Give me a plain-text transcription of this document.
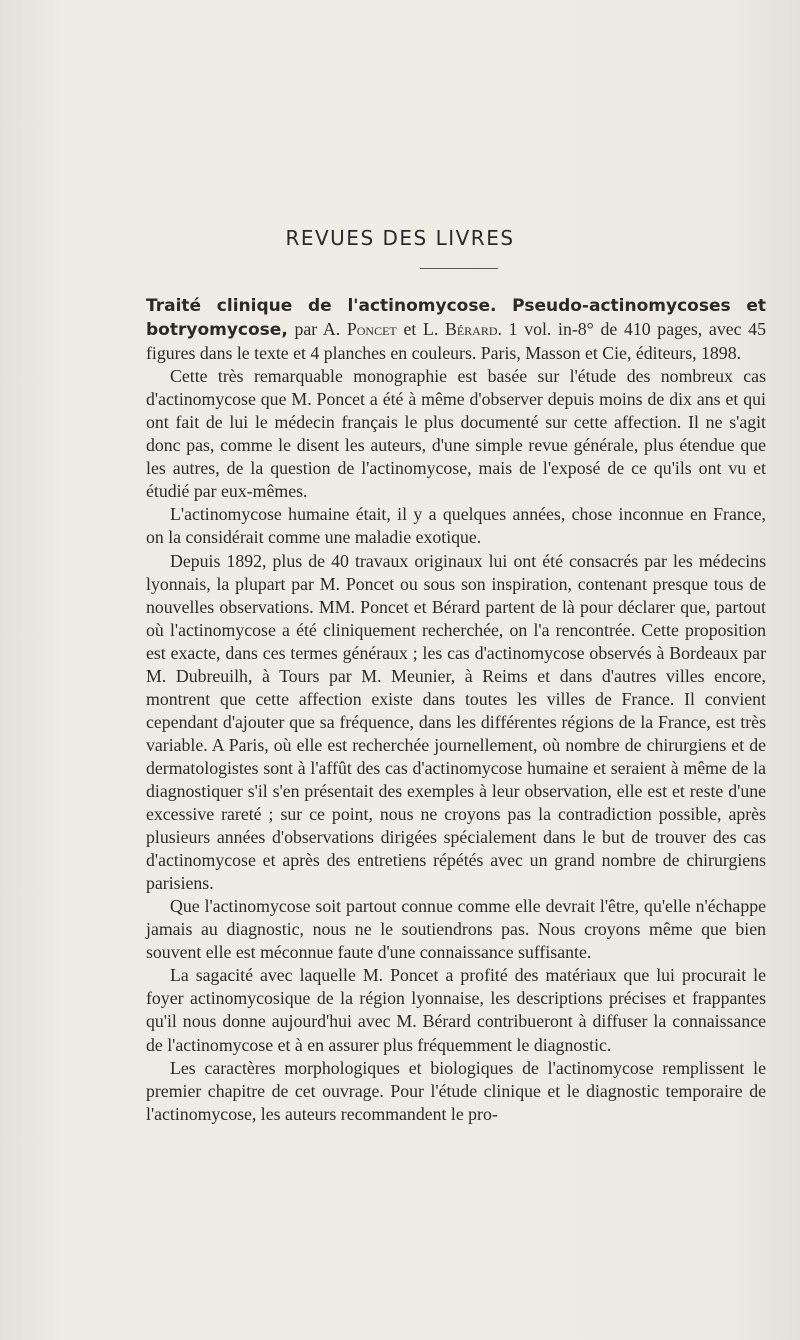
REVUES DES LIVRES

Traité clinique de l'actinomycose. Pseudo-actinomycoses et botryomycose, par A. Poncet et L. Bérard. 1 vol. in-8° de 410 pages, avec 45 figures dans le texte et 4 planches en couleurs. Paris, Masson et Cie, éditeurs, 1898.

Cette très remarquable monographie est basée sur l'étude des nombreux cas d'actinomycose que M. Poncet a été à même d'observer depuis moins de dix ans et qui ont fait de lui le médecin français le plus documenté sur cette affection. Il ne s'agit donc pas, comme le disent les auteurs, d'une simple revue générale, plus étendue que les autres, de la question de l'actinomycose, mais de l'exposé de ce qu'ils ont vu et étudié par eux-mêmes.

L'actinomycose humaine était, il y a quelques années, chose inconnue en France, on la considérait comme une maladie exotique.

Depuis 1892, plus de 40 travaux originaux lui ont été consacrés par les médecins lyonnais, la plupart par M. Poncet ou sous son inspiration, contenant presque tous de nouvelles observations. MM. Poncet et Bérard partent de là pour déclarer que, partout où l'actinomycose a été cliniquement recherchée, on l'a rencontrée. Cette proposition est exacte, dans ces termes généraux ; les cas d'actinomycose observés à Bordeaux par M. Dubreuilh, à Tours par M. Meunier, à Reims et dans d'autres villes encore, montrent que cette affection existe dans toutes les villes de France. Il convient cependant d'ajouter que sa fréquence, dans les différentes régions de la France, est très variable. A Paris, où elle est recherchée journellement, où nombre de chirurgiens et de dermatologistes sont à l'affût des cas d'actinomycose humaine et seraient à même de la diagnostiquer s'il s'en présentait des exemples à leur observation, elle est et reste d'une excessive rareté ; sur ce point, nous ne croyons pas la contradiction possible, après plusieurs années d'observations dirigées spécialement dans le but de trouver des cas d'actinomycose et après des entretiens répétés avec un grand nombre de chirurgiens parisiens.

Que l'actinomycose soit partout connue comme elle devrait l'être, qu'elle n'échappe jamais au diagnostic, nous ne le soutiendrons pas. Nous croyons même que bien souvent elle est méconnue faute d'une connaissance suffisante.

La sagacité avec laquelle M. Poncet a profité des matériaux que lui procurait le foyer actinomycosique de la région lyonnaise, les descriptions précises et frappantes qu'il nous donne aujourd'hui avec M. Bérard contribueront à diffuser la connaissance de l'actinomycose et à en assurer plus fréquemment le diagnostic.

Les caractères morphologiques et biologiques de l'actinomycose remplissent le premier chapitre de cet ouvrage. Pour l'étude clinique et le diagnostic temporaire de l'actinomycose, les auteurs recommandent le pro-
